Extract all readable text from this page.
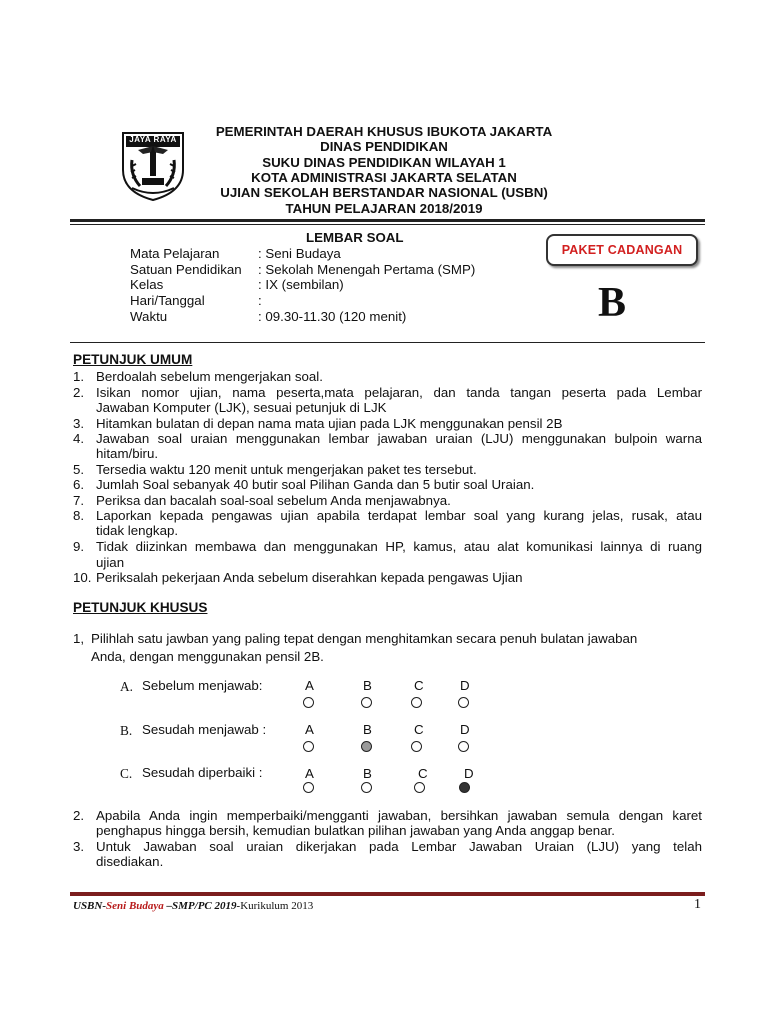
JAYA RAYA
PEMERINTAH DAERAH KHUSUS IBUKOTA JAKARTA
DINAS PENDIDIKAN
SUKU DINAS PENDIDIKAN WILAYAH 1
KOTA ADMINISTRASI JAKARTA SELATAN
UJIAN SEKOLAH BERSTANDAR NASIONAL (USBN)
TAHUN PELAJARAN 2018/2019
LEMBAR SOAL
PAKET CADANGAN
B
Mata Pelajaran	: Seni Budaya
Satuan Pendidikan : Sekolah Menengah Pertama (SMP)
Kelas	: IX (sembilan)
Hari/Tanggal	:
Waktu	: 09.30-11.30 (120 menit)
PETUNJUK UMUM
1. Berdoalah sebelum mengerjakan soal.
2. Isikan nomor ujian, nama peserta,mata pelajaran, dan tanda tangan peserta pada Lembar
Jawaban Komputer (LJK), sesuai petunjuk di LJK
3. Hitamkan bulatan di depan nama mata ujian pada LJK menggunakan pensil 2B
4. Jawaban soal uraian menggunakan lembar jawaban uraian (LJU) menggunakan bulpoin warna
hitam/biru.
5. Tersedia waktu 120 menit untuk mengerjakan paket tes tersebut.
6. Jumlah Soal sebanyak 40 butir soal Pilihan Ganda dan 5 butir soal Uraian.
7. Periksa dan bacalah soal-soal sebelum Anda menjawabnya.
8. Laporkan kepada pengawas ujian apabila terdapat lembar soal yang kurang jelas, rusak, atau
tidak lengkap.
9. Tidak diizinkan membawa dan menggunakan HP, kamus, atau alat komunikasi lainnya di ruang
ujian
10. Periksalah pekerjaan Anda sebelum diserahkan kepada pengawas Ujian
PETUNJUK KHUSUS
1, Pilihlah satu jawban yang paling tepat dengan menghitamkan secara penuh bulatan jawaban
Anda, dengan menggunakan pensil 2B.
A. Sebelum menjawab:	A	B	C	D
B. Sesudah menjawab :	A	B	C	D
C. Sesudah diperbaiki :	A	B	C	D
2. Apabila Anda ingin memperbaiki/mengganti jawaban, bersihkan jawaban semula dengan karet
penghapus hingga bersih, kemudian bulatkan pilihan jawaban yang Anda anggap benar.
3. Untuk Jawaban soal uraian dikerjakan pada Lembar Jawaban Uraian (LJU) yang telah
disediakan.
USBN-Seni Budaya –SMP/PC 2019-Kurikulum 2013	1
